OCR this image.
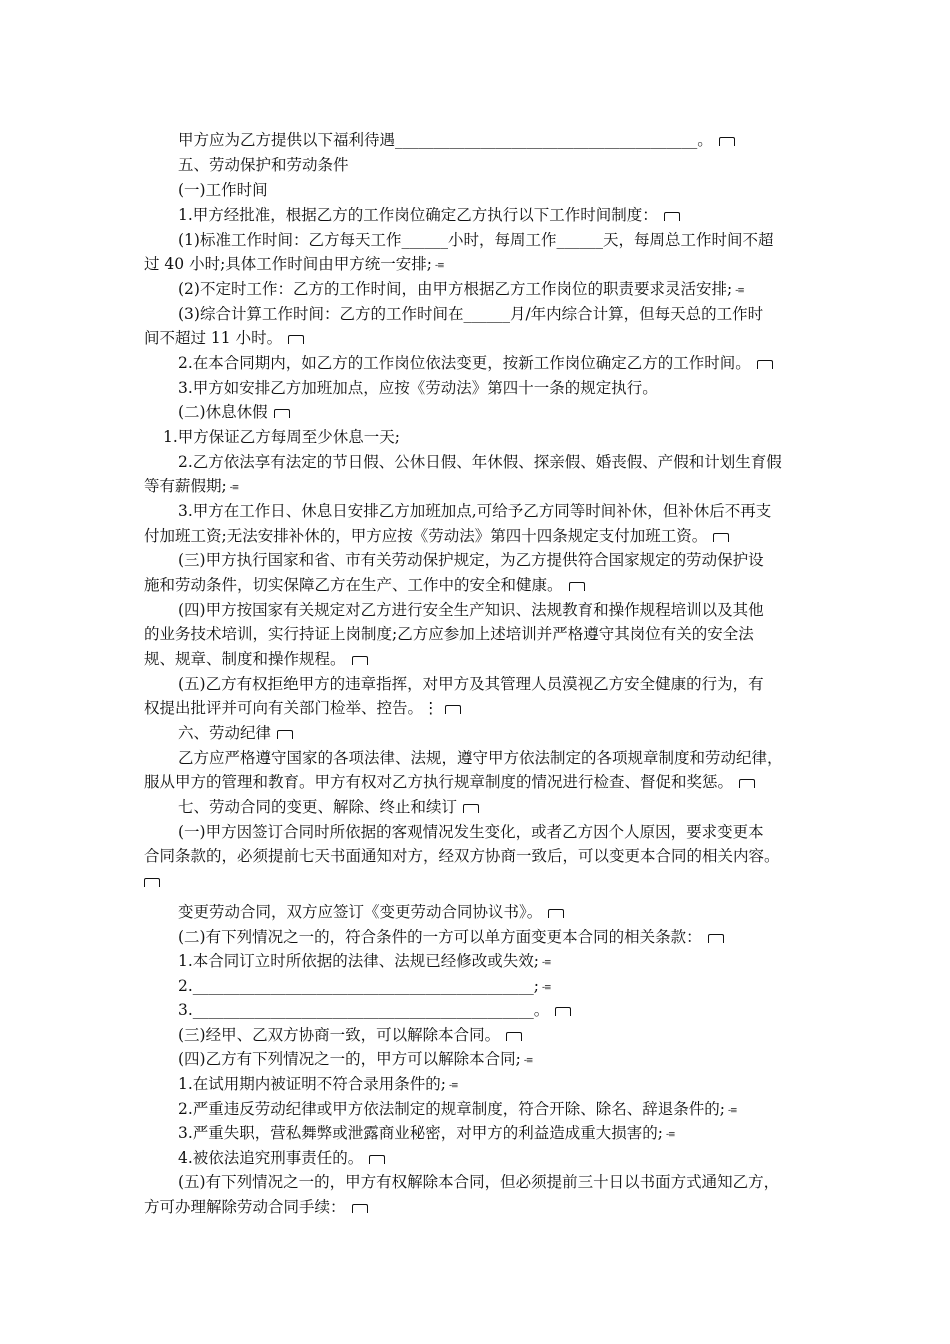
甲方应为乙方提供以下福利待遇_______________________________________。
五、劳动保护和劳动条件
(一)工作时间
1.甲方经批准，根据乙方的工作岗位确定乙方执行以下工作时间制度：
(1)标准工作时间：乙方每天工作______小时，每周工作______天，每周总工作时间不超
过 40 小时;具体工作时间由甲方统一安排; -≡
(2)不定时工作：乙方的工作时间，由甲方根据乙方工作岗位的职责要求灵活安排; -≡
(3)综合计算工作时间：乙方的工作时间在______月/年内综合计算，但每天总的工作时
间不超过 11 小时。
2.在本合同期内，如乙方的工作岗位依法变更，按新工作岗位确定乙方的工作时间。
3.甲方如安排乙方加班加点，应按《劳动法》第四十一条的规定执行。
(二)休息休假
1.甲方保证乙方每周至少休息一天;
2.乙方依法享有法定的节日假、公休日假、年休假、探亲假、婚丧假、产假和计划生育假
等有薪假期; -≡
3.甲方在工作日、休息日安排乙方加班加点,可给予乙方同等时间补休，但补休后不再支
付加班工资;无法安排补休的，甲方应按《劳动法》第四十四条规定支付加班工资。
(三)甲方执行国家和省、市有关劳动保护规定，为乙方提供符合国家规定的劳动保护设
施和劳动条件，切实保障乙方在生产、工作中的安全和健康。
(四)甲方按国家有关规定对乙方进行安全生产知识、法规教育和操作规程培训以及其他
的业务技术培训，实行持证上岗制度;乙方应参加上述培训并严格遵守其岗位有关的安全法
规、规章、制度和操作规程。
(五)乙方有权拒绝甲方的违章指挥，对甲方及其管理人员漠视乙方安全健康的行为，有
权提出批评并可向有关部门检举、控告。⋮
六、劳动纪律
乙方应严格遵守国家的各项法律、法规，遵守甲方依法制定的各项规章制度和劳动纪律，
服从甲方的管理和教育。甲方有权对乙方执行规章制度的情况进行检查、督促和奖惩。
七、劳动合同的变更、解除、终止和续订
(一)甲方因签订合同时所依据的客观情况发生变化，或者乙方因个人原因，要求变更本
合同条款的，必须提前七天书面通知对方，经双方协商一致后，可以变更本合同的相关内容。
变更劳动合同，双方应签订《变更劳动合同协议书》。
(二)有下列情况之一的，符合条件的一方可以单方面变更本合同的相关条款：
1.本合同订立时所依据的法律、法规已经修改或失效; -≡
2.____________________________________________; -≡
3.____________________________________________。
(三)经甲、乙双方协商一致，可以解除本合同。
(四)乙方有下列情况之一的，甲方可以解除本合同; -≡
1.在试用期内被证明不符合录用条件的; -≡
2.严重违反劳动纪律或甲方依法制定的规章制度，符合开除、除名、辞退条件的; -≡
3.严重失职，营私舞弊或泄露商业秘密，对甲方的利益造成重大损害的; -≡
4.被依法追究刑事责任的。
(五)有下列情况之一的，甲方有权解除本合同，但必须提前三十日以书面方式通知乙方，
方可办理解除劳动合同手续：
